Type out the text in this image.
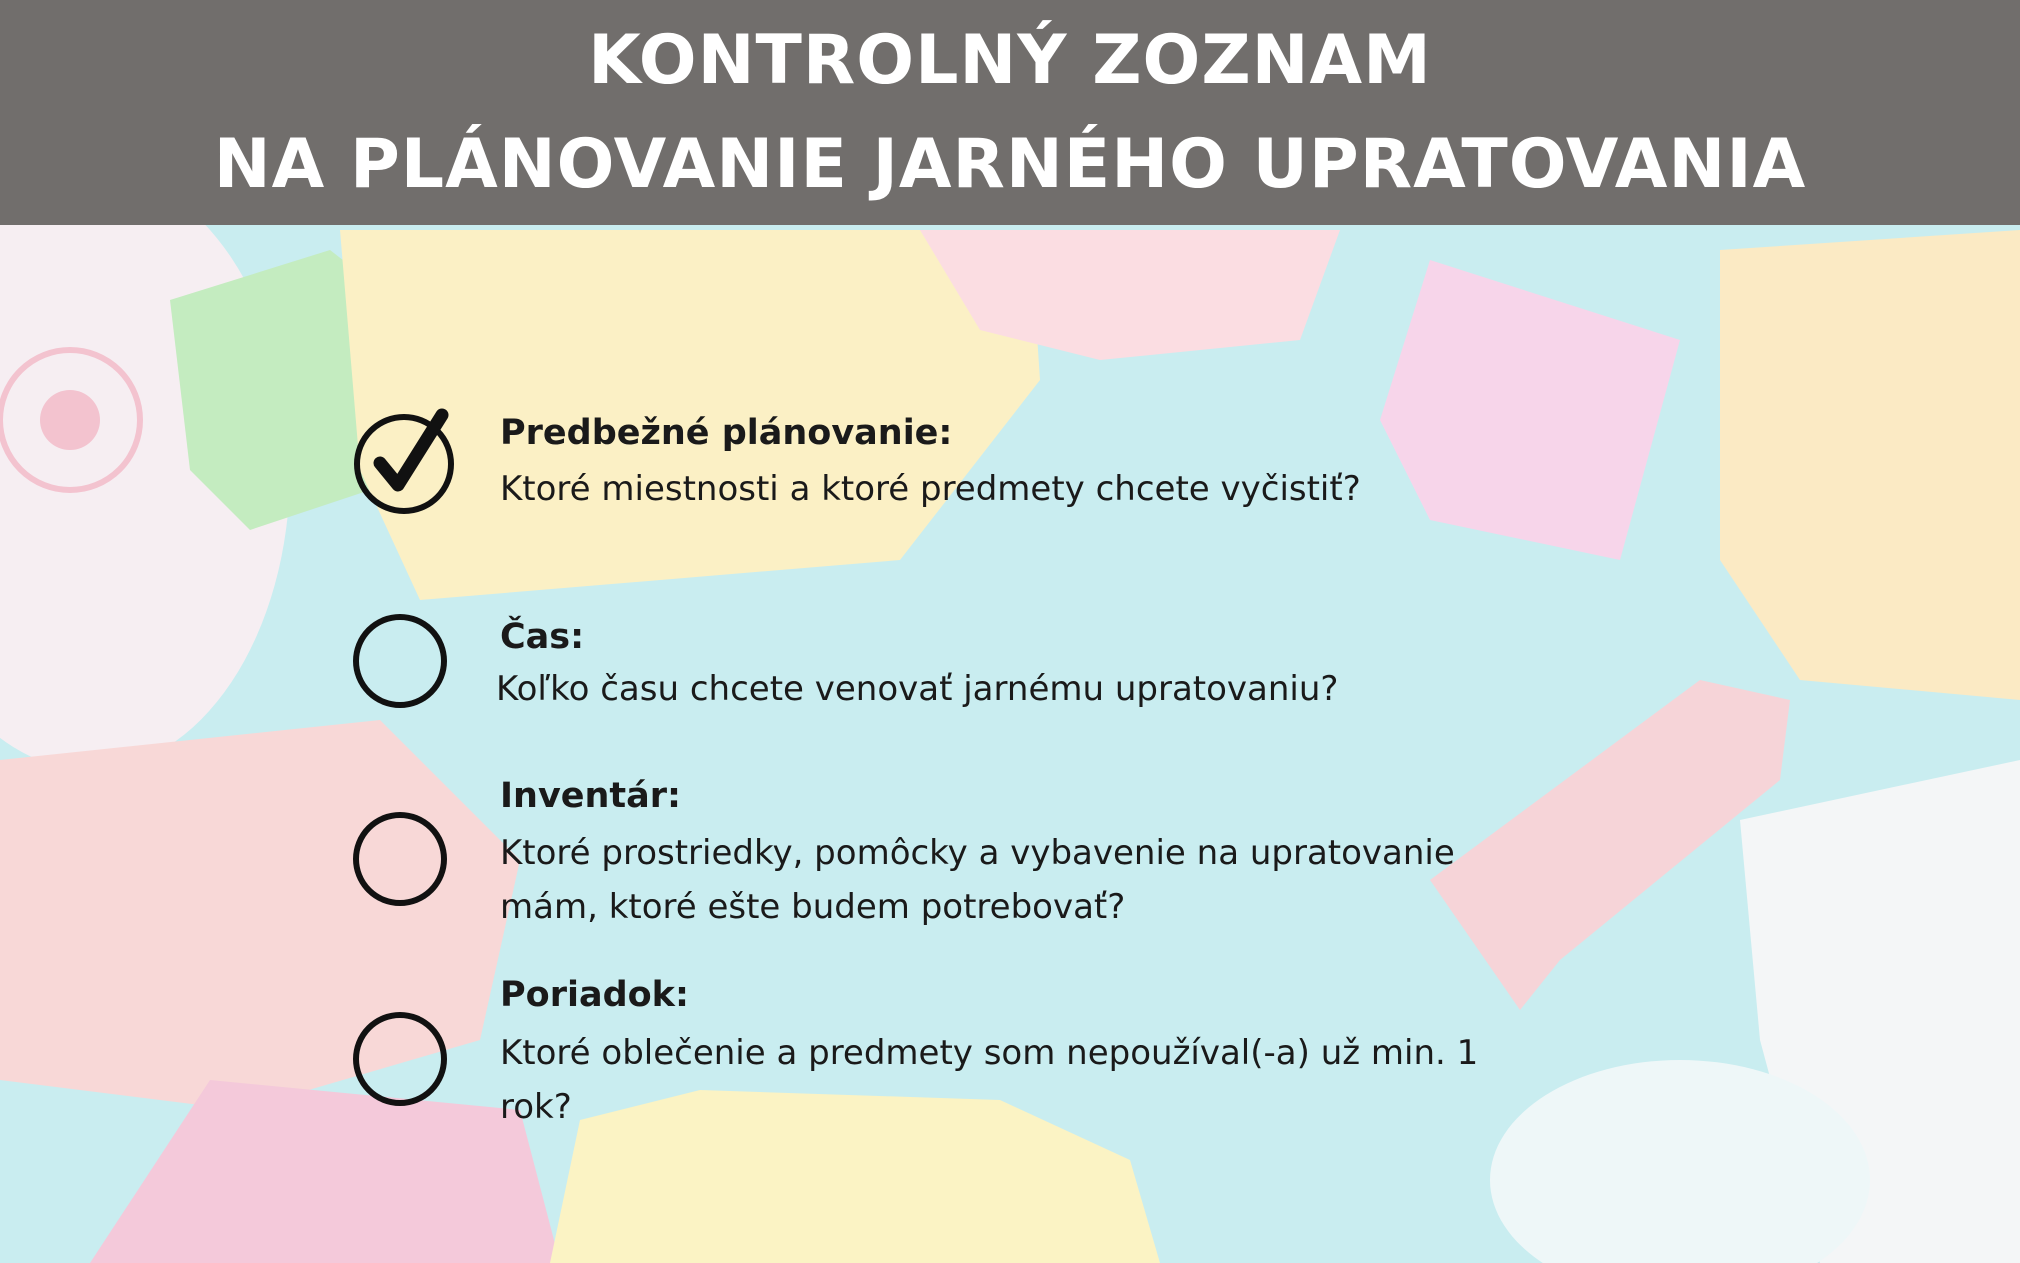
KONTROLNÝ ZOZNAM
NA PLÁNOVANIE JARNÉHO UPRATOVANIA

Predbežné plánovanie:

Ktoré miestnosti a ktoré predmety chcete vyčistiť?

Čas:

Koľko času chcete venovať jarnému upratovaniu?

Inventár:

Ktoré prostriedky, pomôcky a vybavenie na upratovanie mám, ktoré ešte budem potrebovať?

Poriadok:

Ktoré oblečenie a predmety som nepoužíval(-a) už min. 1 rok?
